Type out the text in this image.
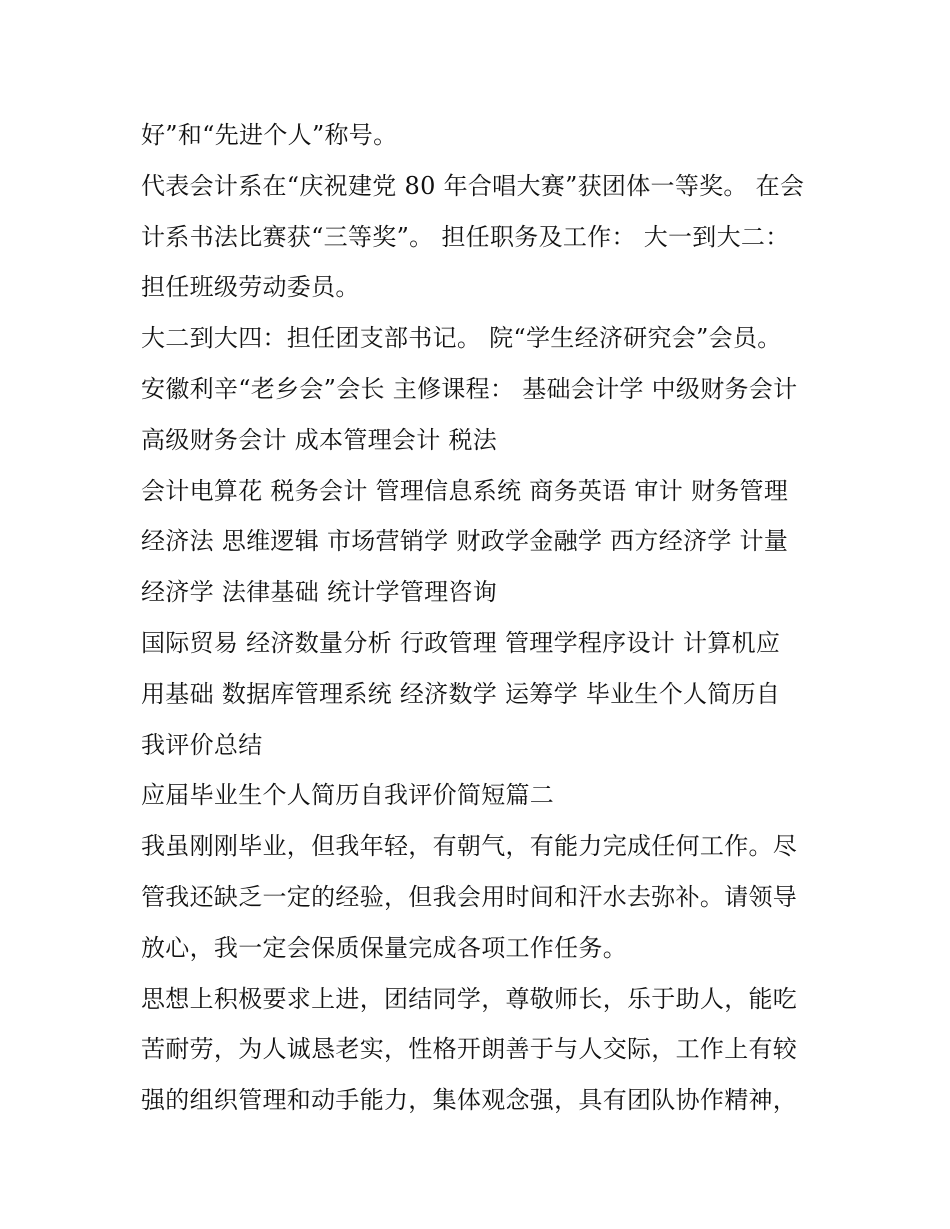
好”和“先进个人”称号。
代表会计系在“庆祝建党 80 年合唱大赛”获团体一等奖。 在会
计系书法比赛获“三等奖”。 担任职务及工作： 大一到大二：
担任班级劳动委员。
大二到大四：担任团支部书记。 院“学生经济研究会”会员。
安徽利辛“老乡会”会长 主修课程： 基础会计学 中级财务会计
高级财务会计 成本管理会计 税法
会计电算花 税务会计 管理信息系统 商务英语 审计 财务管理
经济法 思维逻辑 市场营销学 财政学金融学 西方经济学 计量
经济学 法律基础 统计学管理咨询
国际贸易 经济数量分析 行政管理 管理学程序设计 计算机应
用基础 数据库管理系统 经济数学 运筹学 毕业生个人简历自
我评价总结
应届毕业生个人简历自我评价简短篇二
我虽刚刚毕业，但我年轻，有朝气，有能力完成任何工作。尽
管我还缺乏一定的经验，但我会用时间和汗水去弥补。请领导
放心，我一定会保质保量完成各项工作任务。
思想上积极要求上进，团结同学，尊敬师长，乐于助人，能吃
苦耐劳，为人诚恳老实，性格开朗善于与人交际，工作上有较
强的组织管理和动手能力，集体观念强，具有团队协作精神，
